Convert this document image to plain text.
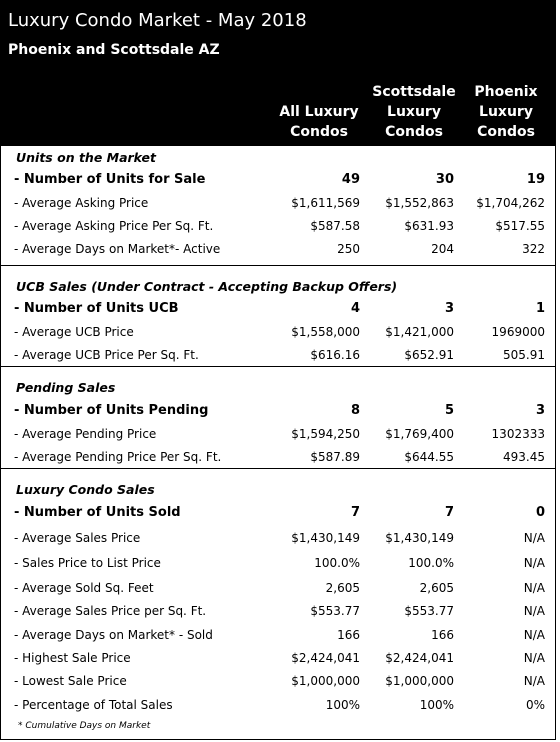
Luxury Condo Market - May 2018
Phoenix and Scottsdale AZ
All Luxury
Condos
Scottsdale
Luxury
Condos
Phoenix
Luxury
Condos
Units on the Market
- Number of Units for Sale	49	30	19
- Average Asking Price	$1,611,569 $1,552,863 $1,704,262
- Average Asking Price Per Sq. Ft.	$587.58	$631.93	$517.55
- Average Days on Market*- Active	250	204	322
UCB Sales (Under Contract - Accepting Backup Offers)
- Number of Units UCB	4	3	1
- Average UCB Price	$1,558,000 $1,421,000	1969000
- Average UCB Price Per Sq. Ft.	$616.16	$652.91	505.91
Pending Sales
- Number of Units Pending	8	5	3
- Average Pending Price	$1,594,250 $1,769,400	1302333
- Average Pending Price Per Sq. Ft.	$587.89	$644.55	493.45
Luxury Condo Sales
- Number of Units Sold	7	7	0
- Average Sales Price	$1,430,149 $1,430,149	N/A
- Sales Price to List Price	100.0%	100.0%	N/A
- Average Sold Sq. Feet	2,605	2,605	N/A
- Average Sales Price per Sq. Ft.	$553.77	$553.77	N/A
- Average Days on Market* - Sold	166	166	N/A
- Highest Sale Price	$2,424,041 $2,424,041	N/A
- Lowest Sale Price	$1,000,000 $1,000,000	N/A
- Percentage of Total Sales	100%	100%	0%
* Cumulative Days on Market
